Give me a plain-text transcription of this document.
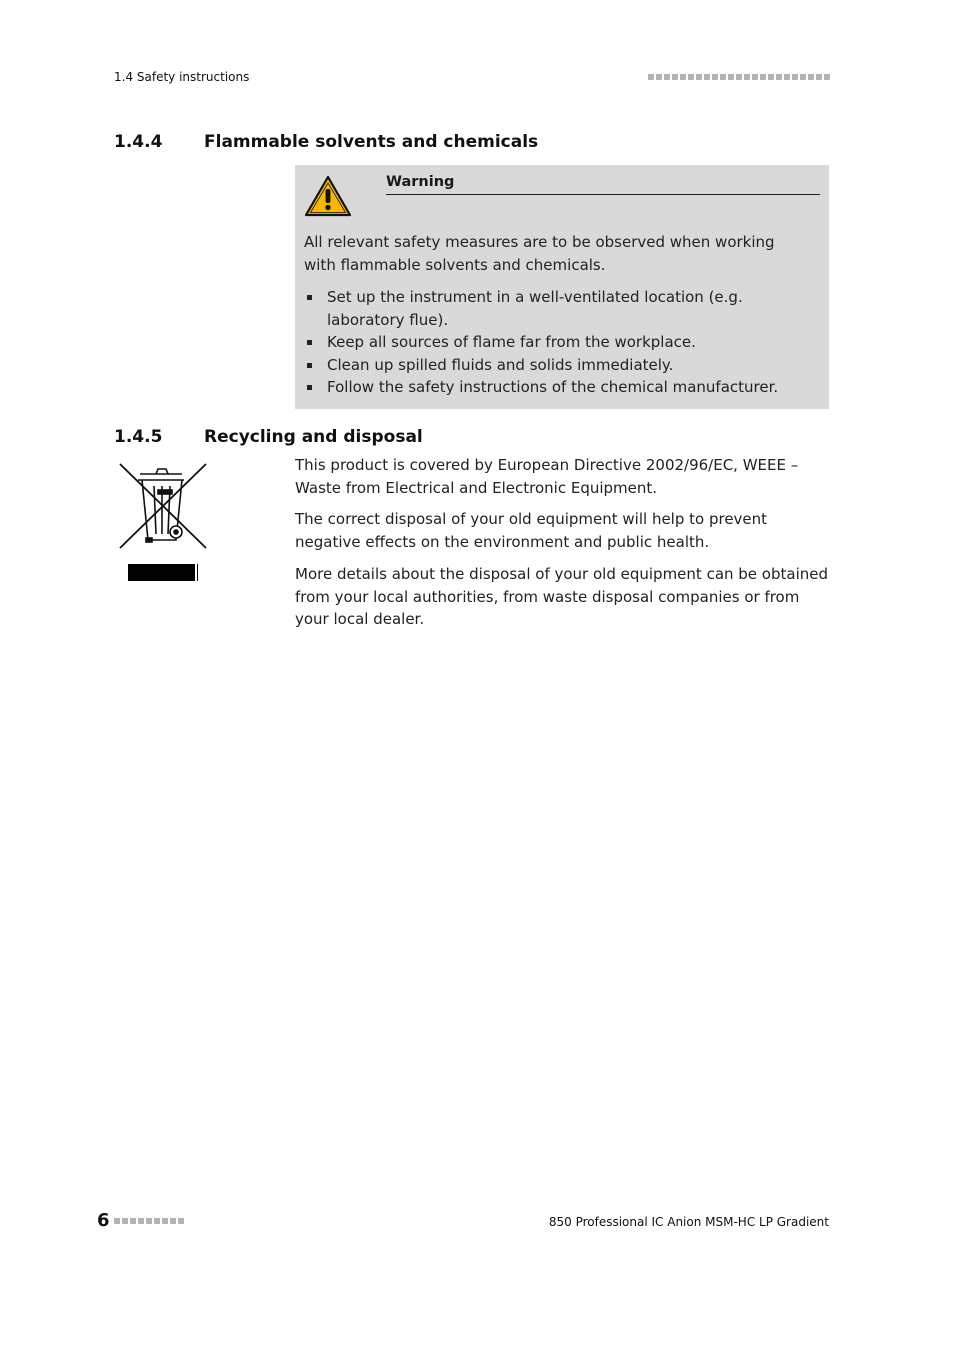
1.4 Safety instructions
1.4.4 Flammable solvents and chemicals
Warning
All relevant safety measures are to be observed when working with flammable solvents and chemicals.
Set up the instrument in a well-ventilated location (e.g. laboratory flue).
Keep all sources of flame far from the workplace.
Clean up spilled fluids and solids immediately.
Follow the safety instructions of the chemical manufacturer.
1.4.5 Recycling and disposal
This product is covered by European Directive 2002/96/EC, WEEE – Waste from Electrical and Electronic Equipment.
The correct disposal of your old equipment will help to prevent negative effects on the environment and public health.
More details about the disposal of your old equipment can be obtained from your local authorities, from waste disposal companies or from your local dealer.
6	850 Professional IC Anion MSM-HC LP Gradient
